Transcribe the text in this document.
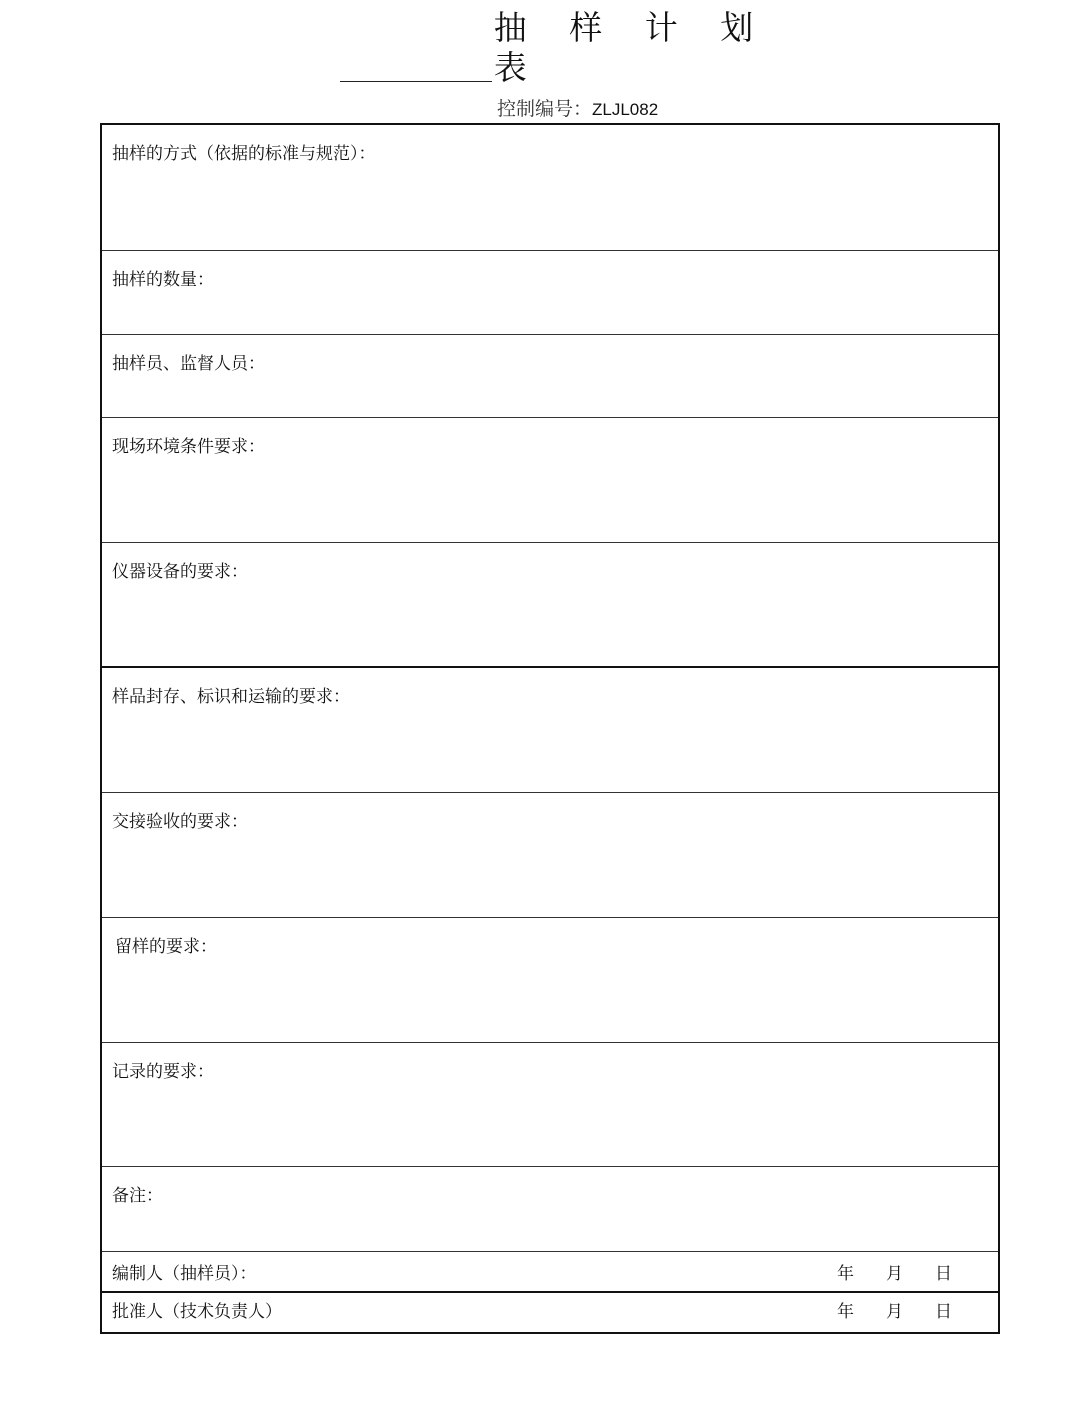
抽 样 计 划 表
控制编号：ZLJL082
抽样的方式（依据的标准与规范）：
抽样的数量：
抽样员、监督人员：
现场环境条件要求：
仪器设备的要求：
样品封存、标识和运输的要求：
交接验收的要求：
留样的要求：
记录的要求：
备注：
编制人（抽样员）：	年 月 日
批准人（技术负责人）	年 月 日
